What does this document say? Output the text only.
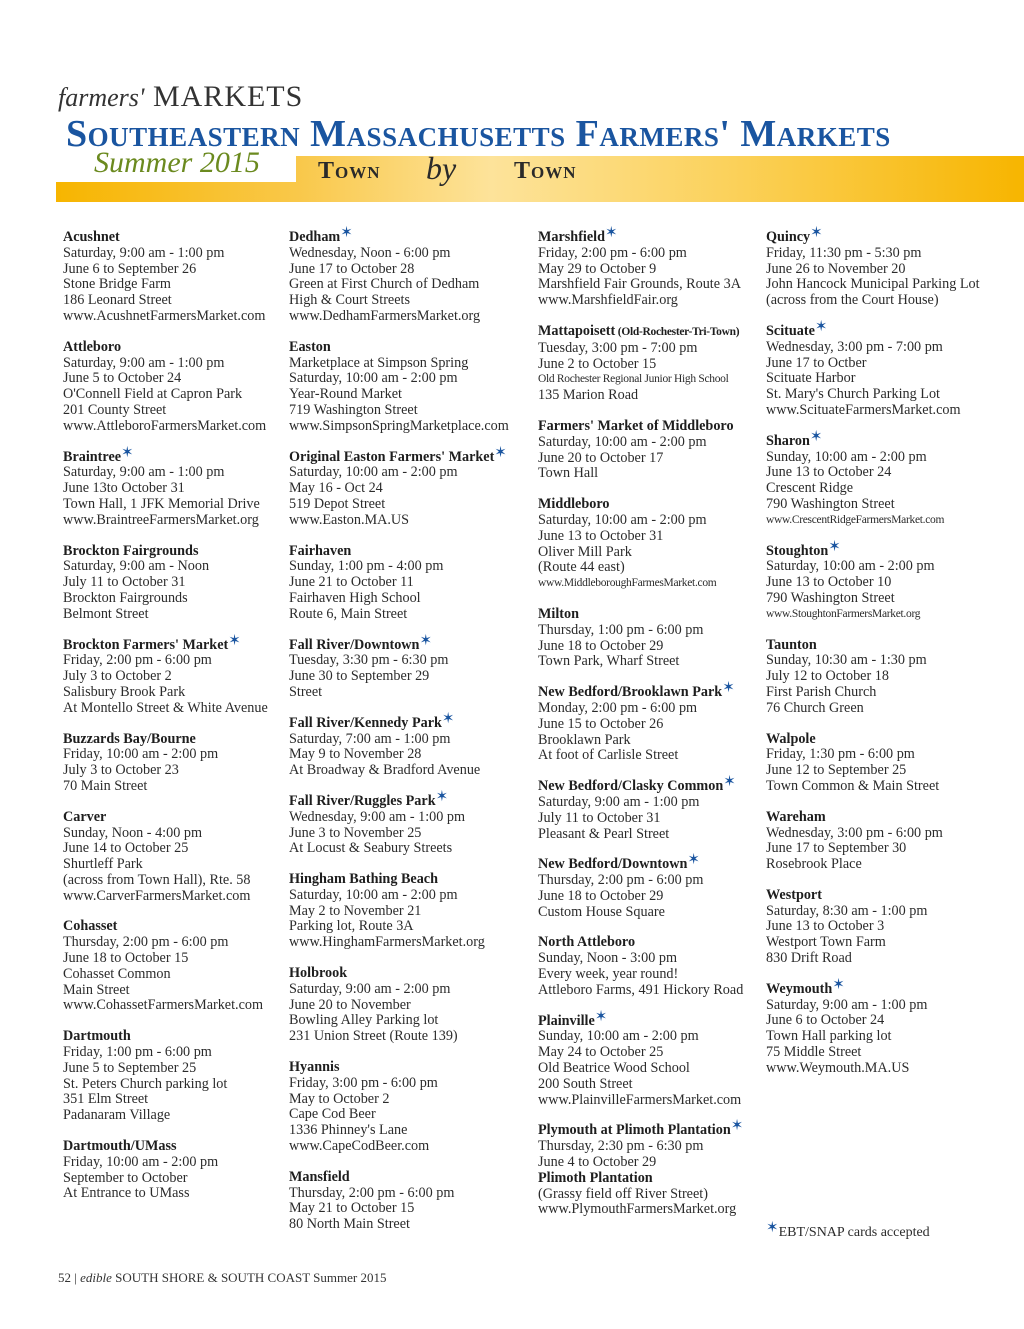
farmers' MARKETS
Southeastern Massachusetts Farmers' Markets
Summer 2015 Town by Town
Acushnet
Saturday, 9:00 am - 1:00 pm
June 6 to September 26
Stone Bridge Farm
186 Leonard Street
www.AcushnetFarmersMarket.com
Attleboro
Saturday, 9:00 am - 1:00 pm
June 5 to October 24
O'Connell Field at Capron Park
201 County Street
www.AttleboroFarmersMarket.com
Braintree✶
Saturday, 9:00 am - 1:00 pm
June 13to October 31
Town Hall, 1 JFK Memorial Drive
www.BraintreeFarmersMarket.org
Brockton Fairgrounds
Saturday, 9:00 am - Noon
July 11 to October 31
Brockton Fairgrounds
Belmont Street
Brockton Farmers' Market✶
Friday, 2:00 pm - 6:00 pm
July 3 to October 2
Salisbury Brook Park
At Montello Street & White Avenue
Buzzards Bay/Bourne
Friday, 10:00 am - 2:00 pm
July 3 to October 23
70 Main Street
Carver
Sunday, Noon - 4:00 pm
June 14 to October 25
Shurtleff Park
(across from Town Hall), Rte. 58
www.CarverFarmersMarket.com
Cohasset
Thursday, 2:00 pm - 6:00 pm
June 18 to October 15
Cohasset Common
Main Street
www.CohassetFarmersMarket.com
Dartmouth
Friday, 1:00 pm - 6:00 pm
June 5 to September 25
St. Peters Church parking lot
351 Elm Street
Padanaram Village
Dartmouth/UMass
Friday, 10:00 am - 2:00 pm
September to October
At Entrance to UMass
Dedham✶
Wednesday, Noon - 6:00 pm
June 17 to October 28
Green at First Church of Dedham
High & Court Streets
www.DedhamFarmersMarket.org
Easton
Marketplace at Simpson Spring
Saturday, 10:00 am - 2:00 pm
Year-Round Market
719 Washington Street
www.SimpsonSpringMarketplace.com
Original Easton Farmers' Market✶
Saturday, 10:00 am - 2:00 pm
May 16 - Oct 24
519 Depot Street
www.Easton.MA.US
Fairhaven
Sunday, 1:00 pm - 4:00 pm
June 21 to October 11
Fairhaven High School
Route 6, Main Street
Fall River/Downtown✶
Tuesday, 3:30 pm - 6:30 pm
June 30 to September 29
Street
Fall River/Kennedy Park✶
Saturday, 7:00 am - 1:00 pm
May 9 to November 28
At Broadway & Bradford Avenue
Fall River/Ruggles Park✶
Wednesday, 9:00 am - 1:00 pm
June 3 to November 25
At Locust & Seabury Streets
Hingham Bathing Beach
Saturday, 10:00 am - 2:00 pm
May 2 to November 21
Parking lot, Route 3A
www.HinghamFarmersMarket.org
Holbrook
Saturday, 9:00 am - 2:00 pm
June 20 to November
Bowling Alley Parking lot
231 Union Street (Route 139)
Hyannis
Friday, 3:00 pm - 6:00 pm
May to October 2
Cape Cod Beer
1336 Phinney's Lane
www.CapeCodBeer.com
Mansfield
Thursday, 2:00 pm - 6:00 pm
May 21 to October 15
80 North Main Street
Marshfield✶
Friday, 2:00 pm - 6:00 pm
May 29 to October 9
Marshfield Fair Grounds, Route 3A
www.MarshfieldFair.org
Mattapoisett (Old-Rochester-Tri-Town)
Tuesday, 3:00 pm - 7:00 pm
June 2 to October 15
Old Rochester Regional Junior High School
135 Marion Road
Farmers' Market of Middleboro
Saturday, 10:00 am - 2:00 pm
June 20 to October 17
Town Hall
Middleboro
Saturday, 10:00 am - 2:00 pm
June 13 to October 31
Oliver Mill Park
(Route 44 east)
www.MiddleboroughFarmesMarket.com
Milton
Thursday, 1:00 pm - 6:00 pm
June 18 to October 29
Town Park, Wharf Street
New Bedford/Brooklawn Park✶
Monday, 2:00 pm - 6:00 pm
June 15 to October 26
Brooklawn Park
At foot of Carlisle Street
New Bedford/Clasky Common✶
Saturday, 9:00 am - 1:00 pm
July 11 to October 31
Pleasant & Pearl Street
New Bedford/Downtown✶
Thursday, 2:00 pm - 6:00 pm
June 18 to October 29
Custom House Square
North Attleboro
Sunday, Noon - 3:00 pm
Every week, year round!
Attleboro Farms, 491 Hickory Road
Plainville✶
Sunday, 10:00 am - 2:00 pm
May 24 to October 25
Old Beatrice Wood School
200 South Street
www.PlainvilleFarmersMarket.com
Plymouth at Plimoth Plantation✶
Thursday, 2:30 pm - 6:30 pm
June 4 to October 29
Plimoth Plantation
(Grassy field off River Street)
www.PlymouthFarmersMarket.org
Quincy✶
Friday, 11:30 pm - 5:30 pm
June 26 to November 20
John Hancock Municipal Parking Lot
(across from the Court House)
Scituate✶
Wednesday, 3:00 pm - 7:00 pm
June 17 to Octber
Scituate Harbor
St. Mary's Church Parking Lot
www.ScituateFarmersMarket.com
Sharon✶
Sunday, 10:00 am - 2:00 pm
June 13 to October 24
Crescent Ridge
790 Washington Street
www.CrescentRidgeFarmersMarket.com
Stoughton✶
Saturday, 10:00 am - 2:00 pm
June 13 to October 10
790 Washington Street
www.StoughtonFarmersMarket.org
Taunton
Sunday, 10:30 am - 1:30 pm
July 12 to October 18
First Parish Church
76 Church Green
Walpole
Friday, 1:30 pm - 6:00 pm
June 12 to September 25
Town Common & Main Street
Wareham
Wednesday, 3:00 pm - 6:00 pm
June 17 to September 30
Rosebrook Place
Westport
Saturday, 8:30 am - 1:00 pm
June 13 to October 3
Westport Town Farm
830 Drift Road
Weymouth✶
Saturday, 9:00 am - 1:00 pm
June 6 to October 24
Town Hall parking lot
75 Middle Street
www.Weymouth.MA.US
✶EBT/SNAP cards accepted
52 | edible SOUTH SHORE & SOUTH COAST Summer 2015
